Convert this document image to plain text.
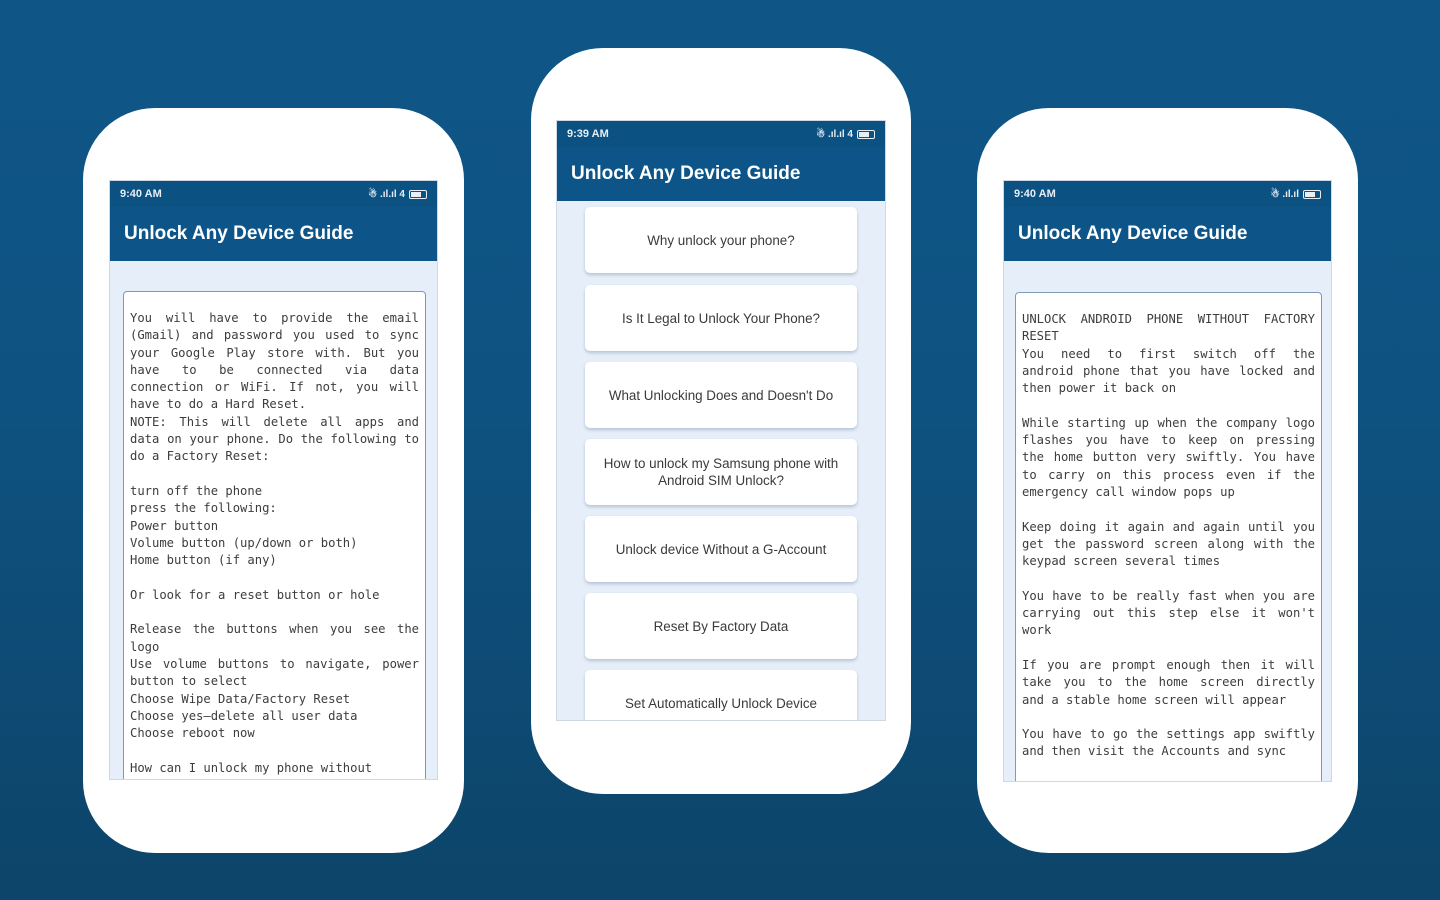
9:40 AM	☃ .ıl.ıl 4
Unlock Any Device Guide
You will have to provide the email (Gmail) and password you used to sync your Google Play store with. But you have to be connected via data connection or WiFi. If not, you will have to do a Hard Reset.
NOTE: This will delete all apps and data on your phone. Do the following to do a Factory Reset:

turn off the phone
press the following:
Power button
Volume button (up/down or both)
Home button (if any)

Or look for a reset button or hole

Release the buttons when you see the logo
Use volume buttons to navigate, power button to select
Choose Wipe Data/Factory Reset
Choose yes—delete all user data
Choose reboot now

How can I unlock my phone without
9:39 AM	☃ .ıl.ıl 4
Unlock Any Device Guide
Why unlock your phone?
Is It Legal to Unlock Your Phone?
What Unlocking Does and Doesn't Do
How to unlock my Samsung phone with Android SIM Unlock?
Unlock device Without a G-Account
Reset By Factory Data
Set Automatically Unlock Device
9:40 AM	☃ .ıl.ıl
Unlock Any Device Guide
UNLOCK ANDROID PHONE WITHOUT FACTORY RESET
You need to first switch off the android phone that you have locked and then power it back on

While starting up when the company logo flashes you have to keep on pressing the home button very swiftly. You have to carry on this process even if the emergency call window pops up

Keep doing it again and again until you get the password screen along with the keypad screen several times

You have to be really fast when you are carrying out this step else it won't work

If you are prompt enough then it will take you to the home screen directly and a stable home screen will appear

You have to go the settings app swiftly and then visit the Accounts and sync
